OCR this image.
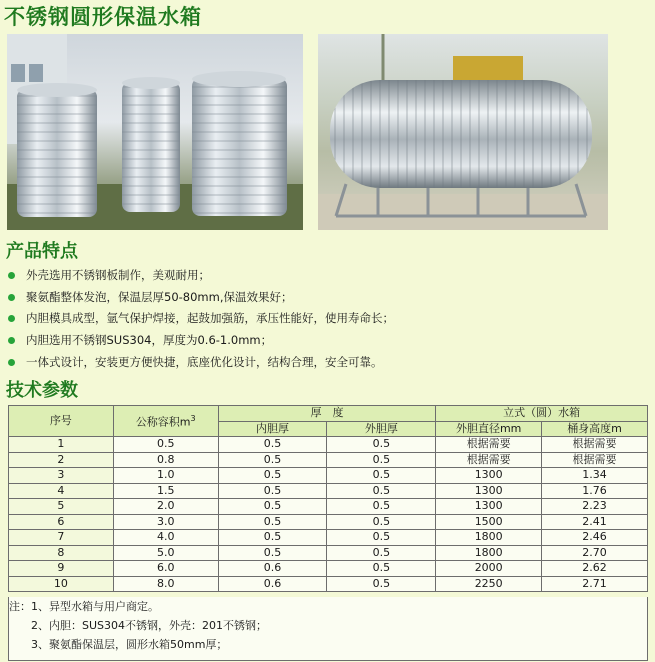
不锈钢圆形保温水箱
产品特点
外壳选用不锈钢板制作，美观耐用；
聚氨酯整体发泡，保温层厚50-80mm,保温效果好；
内胆模具成型，氩气保护焊接，起鼓加强筋，承压性能好，使用寿命长；
内胆选用不锈钢SUS304，厚度为0.6-1.0mm；
一体式设计，安装更方便快捷，底座优化设计，结构合理，安全可靠。
技术参数
序号	公称容积$m^3$	厚　度		立式（圆）水箱	
		内胆厚	外胆厚	外胆直径mm	桶身高度m
1	0.5	0.5	0.5	根据需要	根据需要
2	0.8	0.5	0.5	根据需要	根据需要
3	1.0	0.5	0.5	1300	1.34
4	1.5	0.5	0.5	1300	1.76
5	2.0	0.5	0.5	1300	2.23
6	3.0	0.5	0.5	1500	2.41
7	4.0	0.5	0.5	1800	2.46
8	5.0	0.5	0.5	1800	2.70
9	6.0	0.6	0.5	2000	2.62
10	8.0	0.6	0.5	2250	2.71
注：1、异型水箱与用户商定。
　　2、内胆：SUS304不锈钢，外壳：201不锈钢；
　　3、聚氨酯保温层，圆形水箱50mm厚；
